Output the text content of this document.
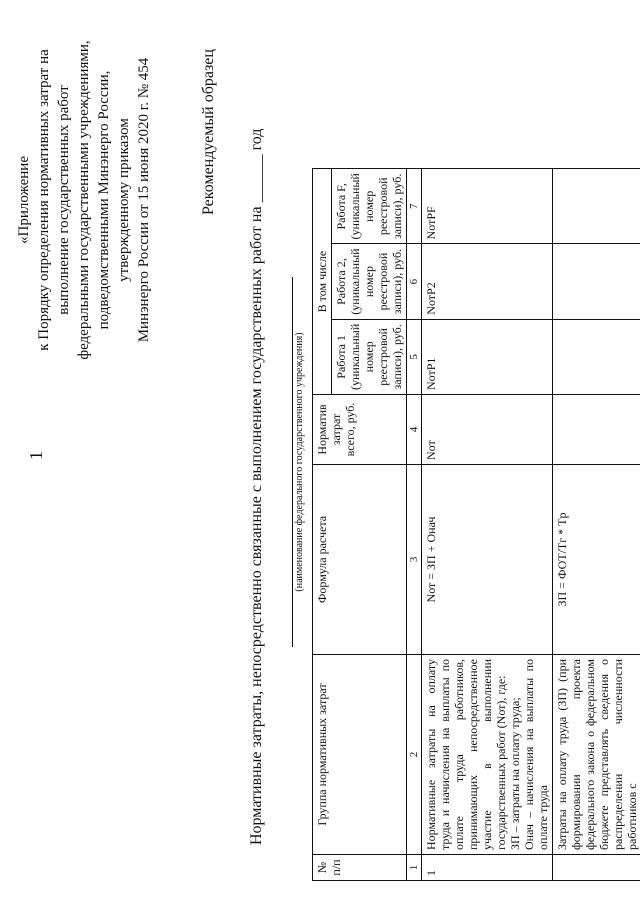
1
«Приложение к Порядку определения нормативных затрат на выполнение государственных работ федеральными государственными учреждениями, подведомственными Минэнерго России, утвержденному приказом Минэнерго России от 15 июня 2020 г. № 454	Рекомендуемый образец Нормативные затраты, непосредственно связанные с выполнением государственных работ на ______ год	(наименование федерального государственного учреждения)
№ п/п	Группа нормативных затрат	Формула расчета	Норматив затрат всего, руб.	В том числе		
				Работа 1 (уникальный номер реестровой записи), руб.	Работа 2, (уникальный номер реестровой записи), руб.	Работа F, (уникальный номер реестровой записи), руб.
1	2	3	4	5	6	7
1	Нормативные затраты на оплату труда и начисления на выплаты по оплате труда работников, принимающих непосредственное участие в выполнении государственных работ (Nот), где: ЗП – затраты на оплату труда; Oнач – начисления на выплаты по оплате труда	Nот = ЗП + Oнач	Nот	NотP1	NотP2	NотPF
	Затраты на оплату труда (ЗП) (при формировании проекта федерального закона о федеральном бюджете представлять сведения о распределении численности работников с	ЗП = ФОТ/Tг * Tр				
